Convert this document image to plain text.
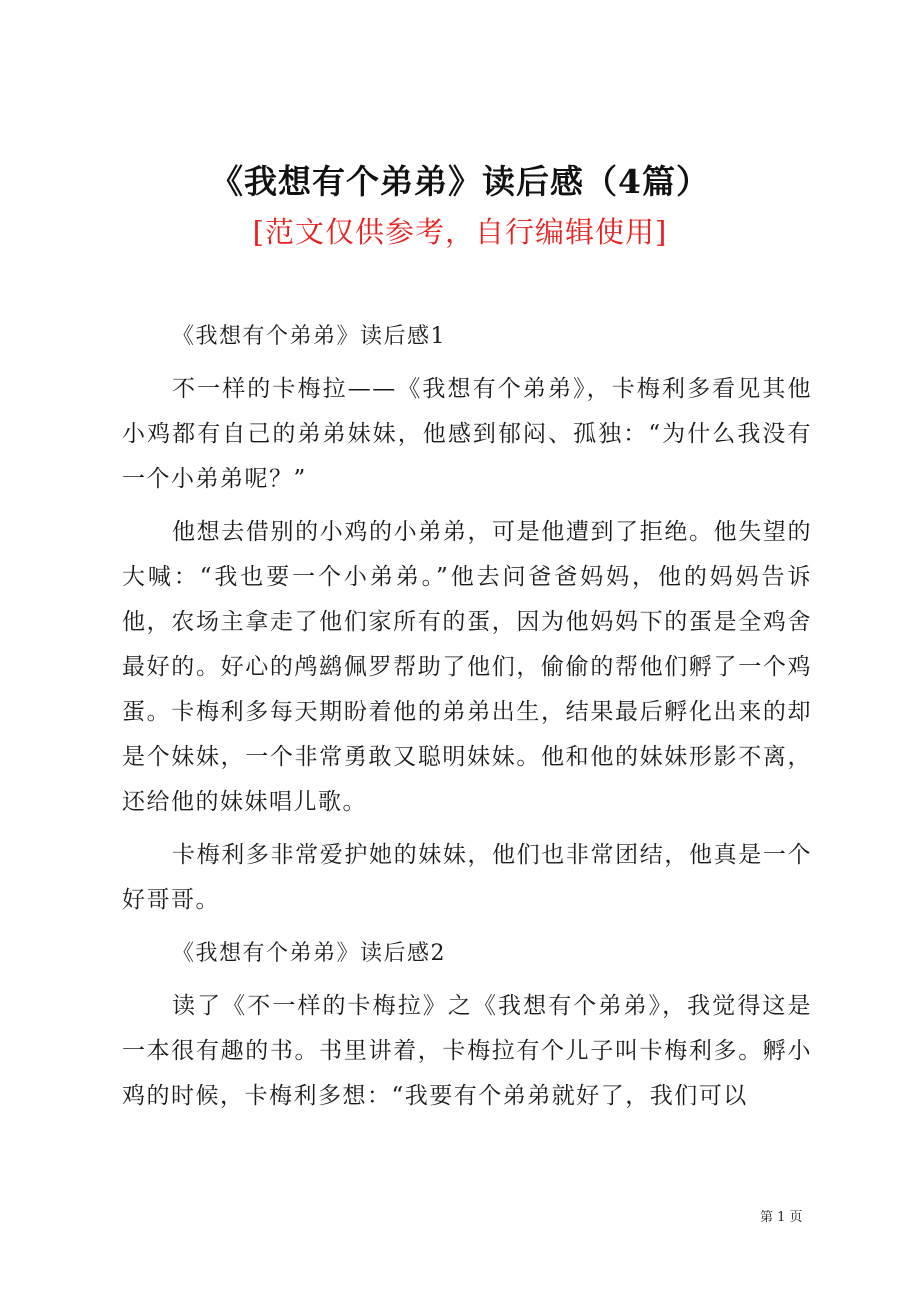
《我想有个弟弟》读后感（4篇）
[范文仅供参考，自行编辑使用]

《我想有个弟弟》读后感1

不一样的卡梅拉——《我想有个弟弟》，卡梅利多看见其他小鸡都有自己的弟弟妹妹，他感到郁闷、孤独：“为什么我没有一个小弟弟呢？”

他想去借别的小鸡的小弟弟，可是他遭到了拒绝。他失望的大喊：“我也要一个小弟弟。”他去问爸爸妈妈，他的妈妈告诉他，农场主拿走了他们家所有的蛋，因为他妈妈下的蛋是全鸡舍最好的。好心的鸬鹚佩罗帮助了他们，偷偷的帮他们孵了一个鸡蛋。卡梅利多每天期盼着他的弟弟出生，结果最后孵化出来的却是个妹妹，一个非常勇敢又聪明妹妹。他和他的妹妹形影不离，还给他的妹妹唱儿歌。

卡梅利多非常爱护她的妹妹，他们也非常团结，他真是一个好哥哥。

《我想有个弟弟》读后感2

读了《不一样的卡梅拉》之《我想有个弟弟》，我觉得这是一本很有趣的书。书里讲着，卡梅拉有个儿子叫卡梅利多。孵小鸡的时候，卡梅利多想：“我要有个弟弟就好了，我们可以

第 1 页
